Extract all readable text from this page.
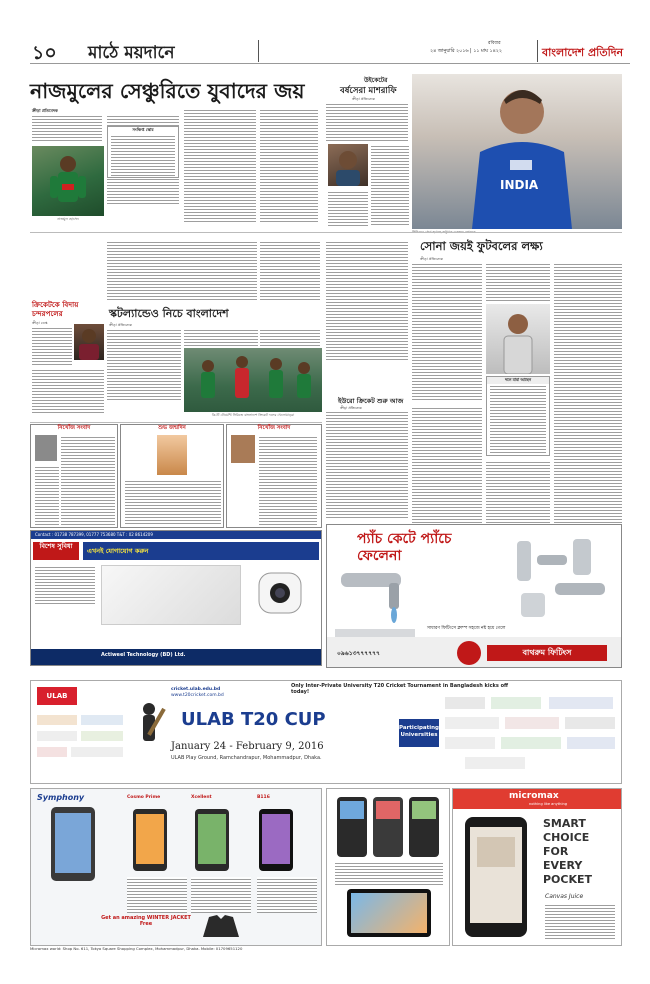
১০ মাঠে ময়দানে	রবিবার
২৪ জানুয়ারি ২০১৬ | ১১ মাঘ ১৪২২	বাংলাদেশ প্রতিদিন
নাজমুলের সেঞ্চুরিতে যুবাদের জয়
ক্রীড়া প্রতিবেদক
নাজমুল হোসেন
সংক্ষিপ্ত স্কোর
উইকেটের
বর্ষসেরা মাশরাফি
ক্রীড়া প্রতিবেদক
INDIA
ক্রিকেটকে বিদায় চন্দরপলের
ক্রীড়া ডেস্ক
স্কটল্যান্ডেও নিচে বাংলাদেশ
ক্রীড়া প্রতিবেদক
ত্রি-টি টোয়েন্টি সিরিজে বাংলাদেশ ক্রিকেট দলের খেলোয়াড়রা
ইউরো ক্রিকেট শুরু আজ
ক্রীড়া প্রতিবেদক
সোনা জয়ই ফুটবলের লক্ষ্য
ক্রীড়া প্রতিবেদক
দলে যারা আছেন
নিখোঁজ সংবাদ	শুভ জন্মদিন	নিখোঁজ সংবাদ
Contact : 01738 787399, 01777 753680 T&T : 02 8614209
বিশেষ সুবিধা
এখনই যোগাযোগ করুন
Actiweel Technology (BD) Ltd.
প্যাঁচ কেটে প্যাঁচে ফেলেনা
সাধারণ ফিটিংসে ক্লাম্প সহজে নষ্ট হয়ে গেলে
০৯৬১৩৭৭৭৭৭৭	বাথরুম ফিটিংস
Only Inter-Private University T20 Cricket Tournament in Bangladesh kicks off today!
ULAB
cricket.ulab.edu.bd
www.t20cricket.com.bd
ULAB T20 CUP
January 24 - February 9, 2016
ULAB Play Ground, Ramchandrapur, Mohammadpur, Dhaka.
Participating Universities
Symphony	Cosmo Prime	Xcellent	B116
Get an amazing WINTER JACKET Free
Micromax world: Shop No. 611, Tokyo Square Shopping Complex, Mohammadpur, Dhaka. Mobile: 01709651120
micromax
nothing like anything
SMART
CHOICE
FOR
EVERY
POCKET
Canvas Juice
